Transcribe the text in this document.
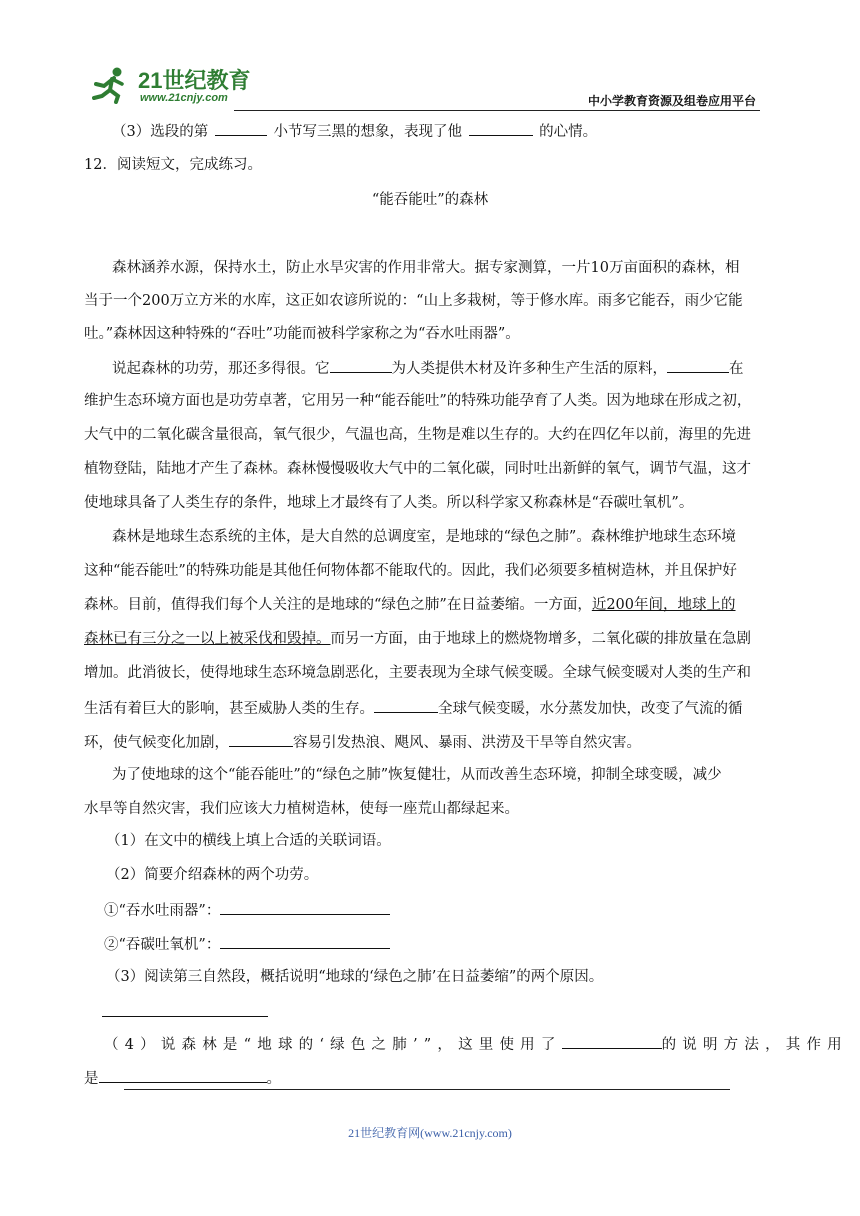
21世纪教育
www.21cnjy.com	中小学教育资源及组卷应用平台
（3）选段的第	小节写三黑的想象，表现了他	的心情。
12．阅读短文，完成练习。
“能吞能吐”的森林
森林涵养水源，保持水土，防止水旱灾害的作用非常大。据专家测算，一片10万亩面积的森林，相
当于一个200万立方米的水库，这正如农谚所说的：“山上多栽树，等于修水库。雨多它能吞，雨少它能
吐。”森林因这种特殊的“吞吐”功能而被科学家称之为“吞水吐雨器”。
说起森林的功劳，那还多得很。它	为人类提供木材及许多种生产生活的原料，	在
维护生态环境方面也是功劳卓著，它用另一种“能吞能吐”的特殊功能孕育了人类。因为地球在形成之初，
大气中的二氧化碳含量很高，氧气很少，气温也高，生物是难以生存的。大约在四亿年以前，海里的先进
植物登陆，陆地才产生了森林。森林慢慢吸收大气中的二氧化碳，同时吐出新鲜的氧气，调节气温，这才
使地球具备了人类生存的条件，地球上才最终有了人类。所以科学家又称森林是“吞碳吐氧机”。
森林是地球生态系统的主体，是大自然的总调度室，是地球的“绿色之肺”。森林维护地球生态环境
这种“能吞能吐”的特殊功能是其他任何物体都不能取代的。因此，我们必须要多植树造林，并且保护好
森林。目前，值得我们每个人关注的是地球的“绿色之肺”在日益萎缩。一方面，近200年间，地球上的
森林已有三分之一以上被采伐和毁掉。而另一方面，由于地球上的燃烧物增多，二氧化碳的排放量在急剧
增加。此消彼长，使得地球生态环境急剧恶化，主要表现为全球气候变暖。全球气候变暖对人类的生产和
生活有着巨大的影响，甚至威胁人类的生存。	全球气候变暖，水分蒸发加快，改变了气流的循
环，使气候变化加剧，	容易引发热浪、飓风、暴雨、洪涝及干旱等自然灾害。
为了使地球的这个“能吞能吐”的“绿色之肺”恢复健壮，从而改善生态环境，抑制全球变暖，减少
水旱等自然灾害，我们应该大力植树造林，使每一座荒山都绿起来。
（1）在文中的横线上填上合适的关联词语。
（2）简要介绍森林的两个功劳。
①“吞水吐雨器”：
②“吞碳吐氧机”：
（3）阅读第三自然段，概括说明“地球的‘绿色之肺’在日益萎缩”的两个原因。
（4）说森林是“地球的‘绿色之肺’”，这里使用了	的说明方法，其作用
是	。
21世纪教育网(www.21cnjy.com)
